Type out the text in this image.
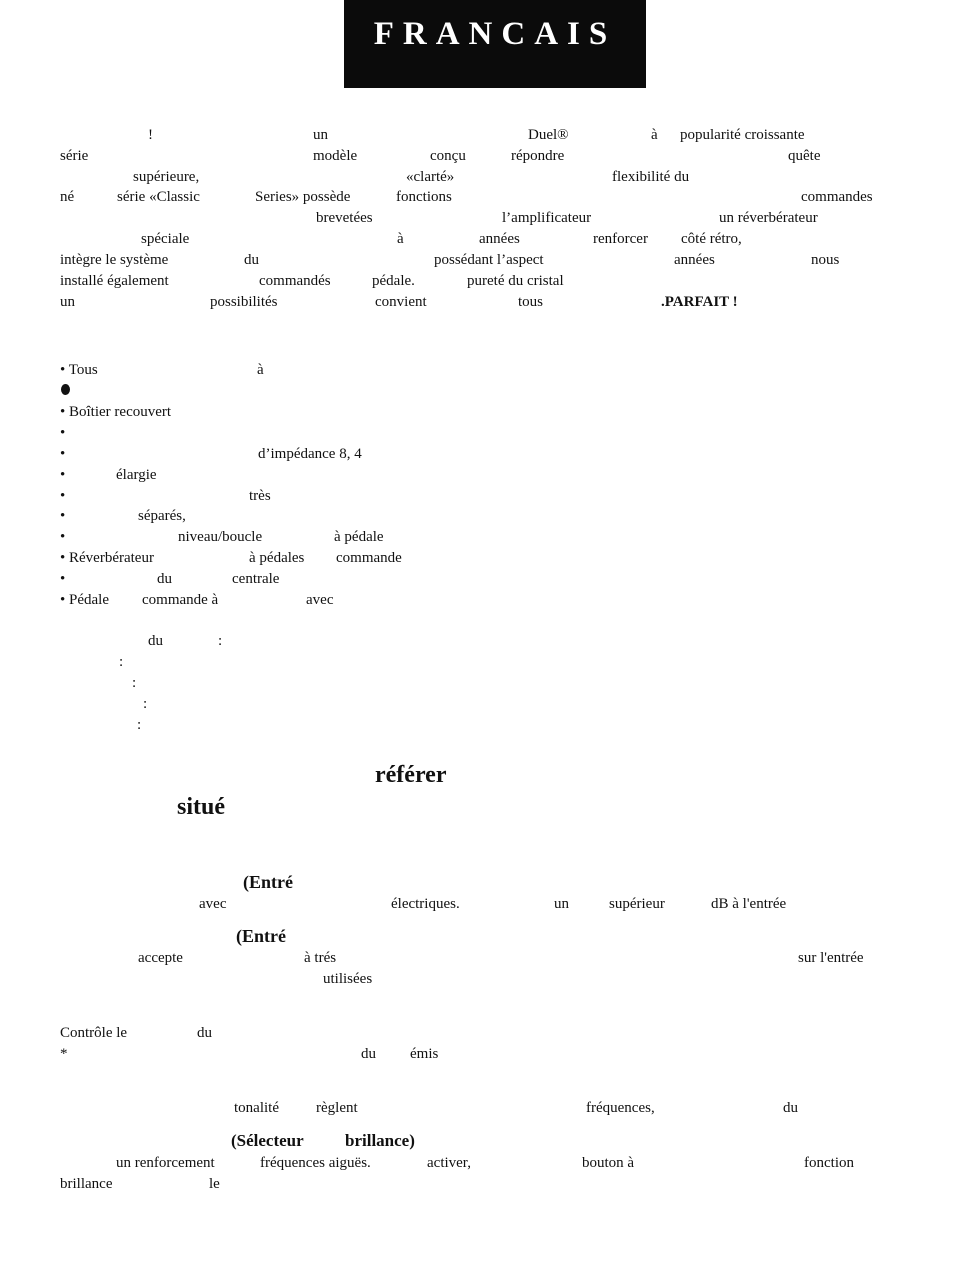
FRANCAIS
!	un	Duel®	à popularité croissante
série	modèle	conçu	répondre	quête
supérieure,	«clarté»	flexibilité du
né	série «Classic	Series» possède	fonctions	commandes
brevetées	l’amplificateur	un réverbérateur
spéciale	à	années	renforcer côté rétro,
intègre le système	du	possédant l’aspect	années	nous
installé également	commandés	pédale.	pureté du cristal
un	possibilités	convient	tous	.PARFAIT !
• Tous	à
• Boîtier recouvert
•
•	d’impédance 8, 4
•	élargie
•	très
•	séparés,
•	niveau/boucle	à pédale
• Réverbérateur	à pédales commande
•	du	centrale
• Pédale commande à	avec
du	:
:
:
:
:
référer
situé
(Entré
avec	électriques.	un	supérieur	dB à l'entrée
(Entré
accepte	à trés	sur l'entrée
utilisées
Contrôle le	du
*	du émis
tonalité règlent	fréquences,	du
(Sélecteur brillance)
un renforcement	fréquences aiguës.	activer,	bouton à	fonction
brillance	le
